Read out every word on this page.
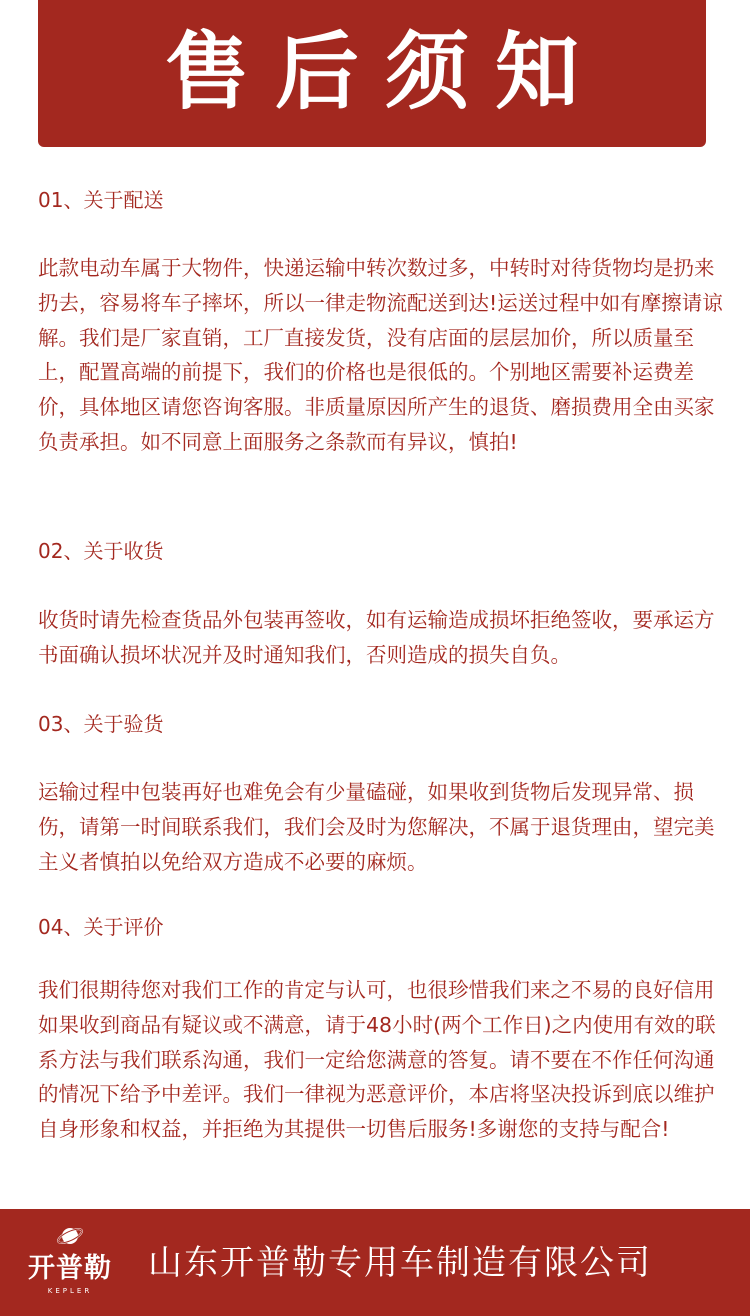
售后须知
01、关于配送

此款电动车属于大物件，快递运输中转次数过多，中转时对待货物均是扔来扔去，容易将车子摔坏，所以一律走物流配送到达!运送过程中如有摩擦请谅解。我们是厂家直销，工厂直接发货，没有店面的层层加价，所以质量至上，配置高端的前提下，我们的价格也是很低的。个别地区需要补运费差价，具体地区请您咨询客服。非质量原因所产生的退货、磨损费用全由买家负责承担。如不同意上面服务之条款而有异议，慎拍!

02、关于收货

收货时请先检查货品外包装再签收，如有运输造成损坏拒绝签收，要承运方书面确认损坏状况并及时通知我们，否则造成的损失自负。

03、关于验货

运输过程中包装再好也难免会有少量磕碰，如果收到货物后发现异常、损伤，请第一时间联系我们，我们会及时为您解决，不属于退货理由，望完美主义者慎拍以免给双方造成不必要的麻烦。

04、关于评价

我们很期待您对我们工作的肯定与认可，也很珍惜我们来之不易的良好信用如果收到商品有疑议或不满意，请于48小时(两个工作日)之内使用有效的联系方法与我们联系沟通，我们一定给您满意的答复。请不要在不作任何沟通的情况下给予中差评。我们一律视为恶意评价，本店将坚决投诉到底以维护自身形象和权益，并拒绝为其提供一切售后服务!多谢您的支持与配合!

开普勒
KEPLER
山东开普勒专用车制造有限公司
